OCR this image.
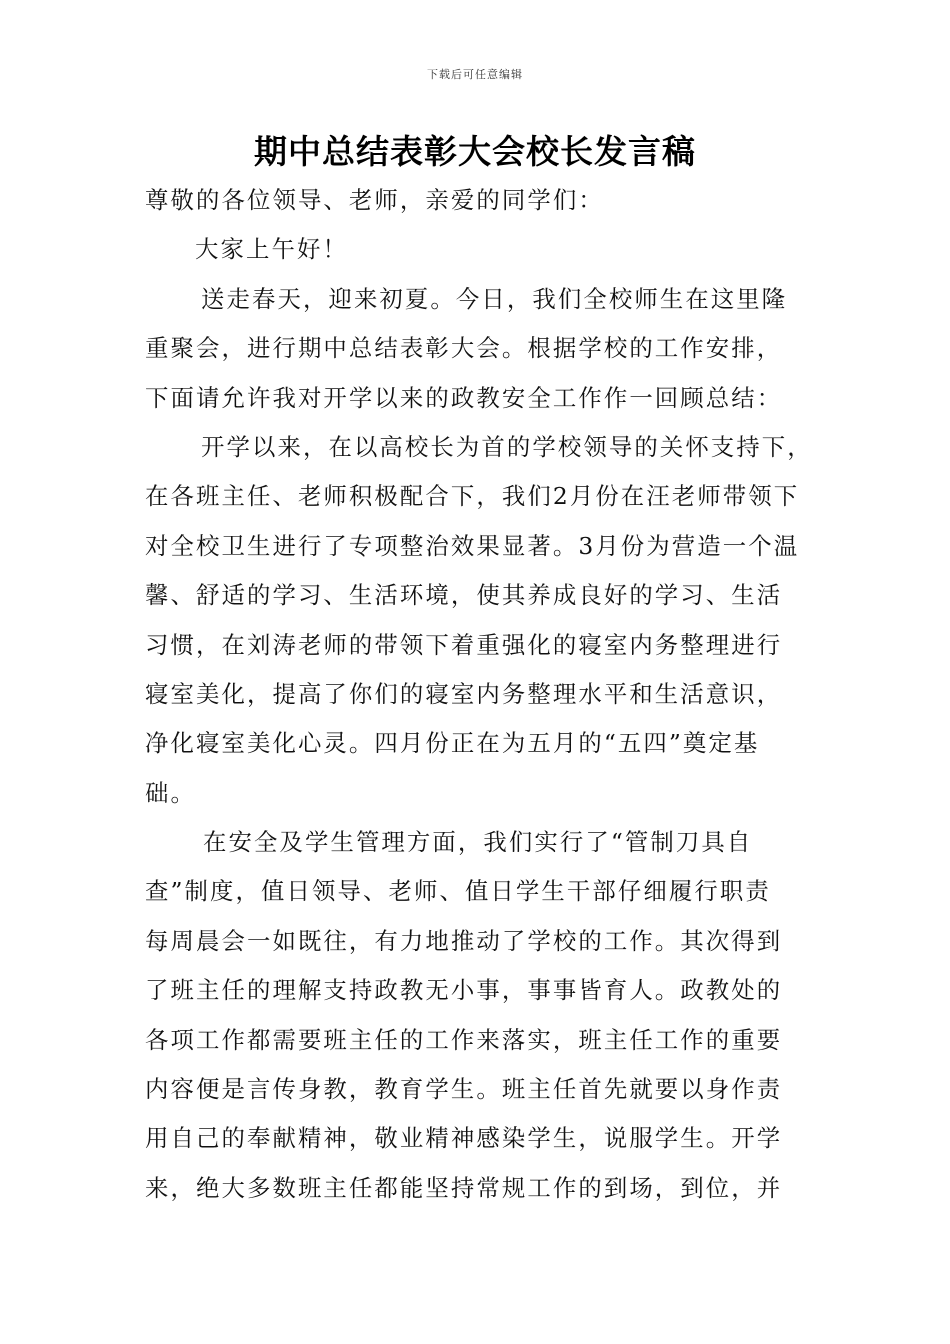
下载后可任意编辑
期中总结表彰大会校长发言稿
尊敬的各位领导、老师，亲爱的同学们：
大家上午好！
送走春天，迎来初夏。今日，我们全校师生在这里隆
重聚会，进行期中总结表彰大会。根据学校的工作安排，
下面请允许我对开学以来的政教安全工作作一回顾总结：
开学以来，在以高校长为首的学校领导的关怀支持下，
在各班主任、老师积极配合下，我们2月份在汪老师带领下
对全校卫生进行了专项整治效果显著。3月份为营造一个温
馨、舒适的学习、生活环境，使其养成良好的学习、生活
习惯，在刘涛老师的带领下着重强化的寝室内务整理进行
寝室美化，提高了你们的寝室内务整理水平和生活意识，
净化寝室美化心灵。四月份正在为五月的“五四”奠定基
础。
在安全及学生管理方面，我们实行了“管制刀具自
查”制度，值日领导、老师、值日学生干部仔细履行职责
每周晨会一如既往，有力地推动了学校的工作。其次得到
了班主任的理解支持政教无小事，事事皆育人。政教处的
各项工作都需要班主任的工作来落实，班主任工作的重要
内容便是言传身教，教育学生。班主任首先就要以身作责
用自己的奉献精神，敬业精神感染学生，说服学生。开学
来，绝大多数班主任都能坚持常规工作的到场，到位，并
